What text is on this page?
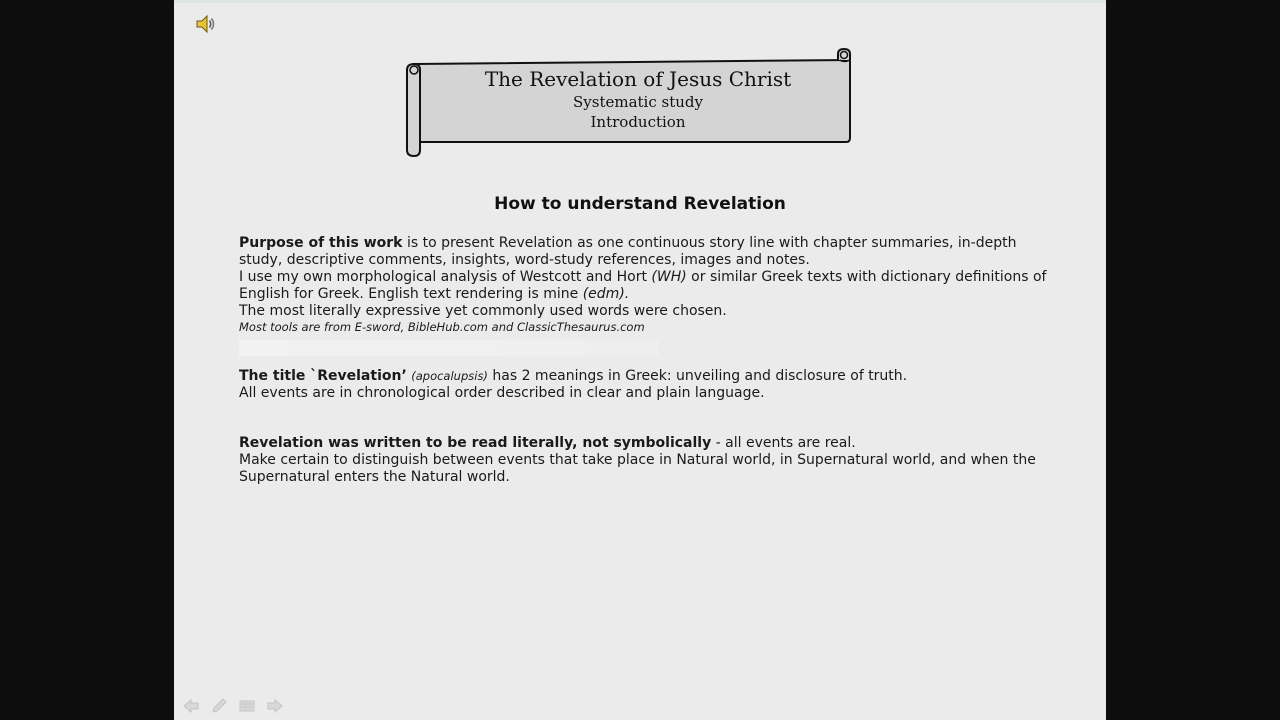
The Revelation of Jesus Christ
Systematic study
Introduction
How to understand Revelation

Purpose of this work is to present Revelation as one continuous story line with chapter summaries, in-depth study, descriptive comments, insights, word-study references, images and notes.

I use my own morphological analysis of Westcott and Hort (WH) or similar Greek texts with dictionary definitions of English for Greek. English text rendering is mine (edm).

The most literally expressive yet commonly used words were chosen.

Most tools are from E-sword, BibleHub.com and ClassicThesaurus.com

The title `Revelation’ (apocalupsis) has 2 meanings in Greek: unveiling and disclosure of truth.

All events are in chronological order described in clear and plain language.

Revelation was written to be read literally, not symbolically - all events are real.

Make certain to distinguish between events that take place in Natural world, in Supernatural world, and when the Supernatural enters the Natural world.
